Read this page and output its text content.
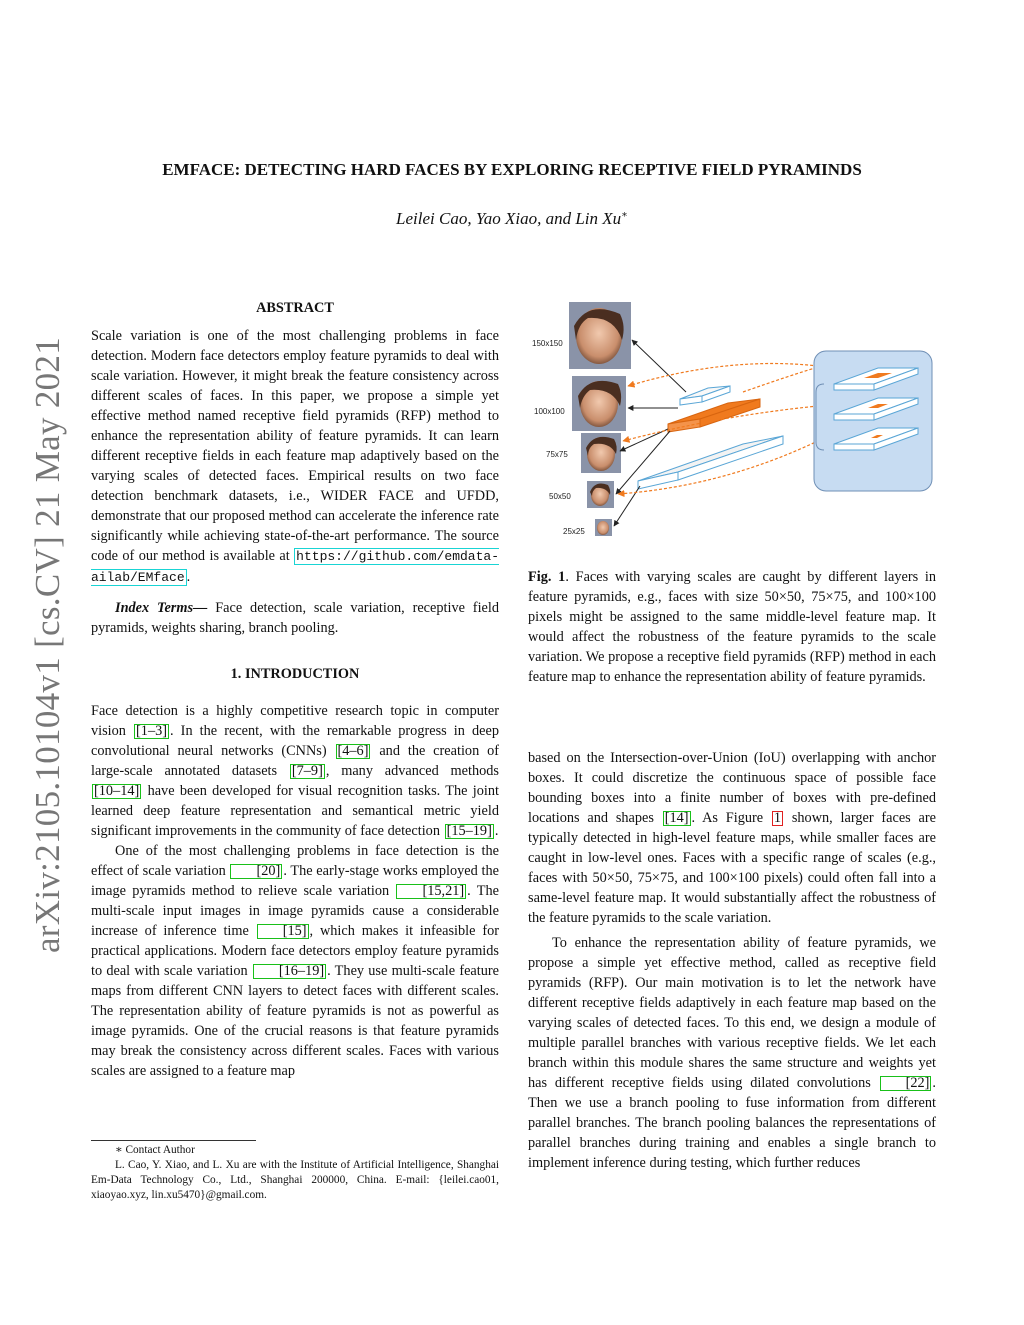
arXiv:2105.10104v1 [cs.CV] 21 May 2021
EMFACE: DETECTING HARD FACES BY EXPLORING RECEPTIVE FIELD PYRAMINDS
Leilei Cao, Yao Xiao, and Lin Xu∗
ABSTRACT

Scale variation is one of the most challenging problems in face detection. Modern face detectors employ feature pyramids to deal with scale variation. However, it might break the feature consistency across different scales of faces. In this paper, we propose a simple yet effective method named receptive field pyramids (RFP) method to enhance the representation ability of feature pyramids. It can learn different receptive fields in each feature map adaptively based on the varying scales of detected faces. Empirical results on two face detection benchmark datasets, i.e., WIDER FACE and UFDD, demonstrate that our proposed method can accelerate the inference rate significantly while achieving state-of-the-art performance. The source code of our method is available at https://github.com/emdata-ailab/EMface .

Index Terms— Face detection, scale variation, receptive field pyramids, weights sharing, branch pooling.

1. INTRODUCTION

Face detection is a highly competitive research topic in computer vision [1–3] . In the recent, with the remarkable progress in deep convolutional neural networks (CNNs) [4–6] and the creation of large-scale annotated datasets [7–9] , many advanced methods [10–14] have been developed for visual recognition tasks. The joint learned deep feature representation and semantical metric yield significant improvements in the community of face detection [15–19] .

One of the most challenging problems in face detection is the effect of scale variation [20] . The early-stage works employed the image pyramids method to relieve scale variation [15,21] . The multi-scale input images in image pyramids cause a considerable increase of inference time [15] , which makes it infeasible for practical applications. Modern face detectors employ feature pyramids to deal with scale variation [16–19] . They use multi-scale feature maps from different CNN layers to detect faces with different scales. The representation ability of feature pyramids is not as powerful as image pyramids. One of the crucial reasons is that feature pyramids may break the consistency across different scales. Faces with various scales are assigned to a feature map

∗ Contact Author

L. Cao, Y. Xiao, and L. Xu are with the Institute of Artificial Intelligence, Shanghai Em-Data Technology Co., Ltd., Shanghai 200000, China. E-mail: {leilei.cao01, xiaoyao.xyz, lin.xu5470}@gmail.com.

150x150
100x100
75x75
50x50
25x25
Fig. 1. Faces with varying scales are caught by different layers in feature pyramids, e.g., faces with size 50×50, 75×75, and 100×100 pixels might be assigned to the same middle-level feature map. It would affect the robustness of the feature pyramids to the scale variation. We propose a receptive field pyramids (RFP) method in each feature map to enhance the representation ability of feature pyramids.

based on the Intersection-over-Union (IoU) overlapping with anchor boxes. It could discretize the continuous space of possible face bounding boxes into a finite number of boxes with pre-defined locations and shapes [14] . As Figure 1 shown, larger faces are typically detected in high-level feature maps, while smaller faces are caught in low-level ones. Faces with a specific range of scales (e.g., faces with 50×50, 75×75, and 100×100 pixels) could often fall into a same-level feature map. It would substantially affect the robustness of the feature pyramids to the scale variation.

To enhance the representation ability of feature pyramids, we propose a simple yet effective method, called as receptive field pyramids (RFP). Our main motivation is to let the network have different receptive fields adaptively in each feature map based on the varying scales of detected faces. To this end, we design a module of multiple parallel branches with various receptive fields. We let each branch within this module shares the same structure and weights yet has different receptive fields using dilated convolutions [22] . Then we use a branch pooling to fuse information from different parallel branches. The branch pooling balances the representations of parallel branches during training and enables a single branch to implement inference during testing, which further reduces
